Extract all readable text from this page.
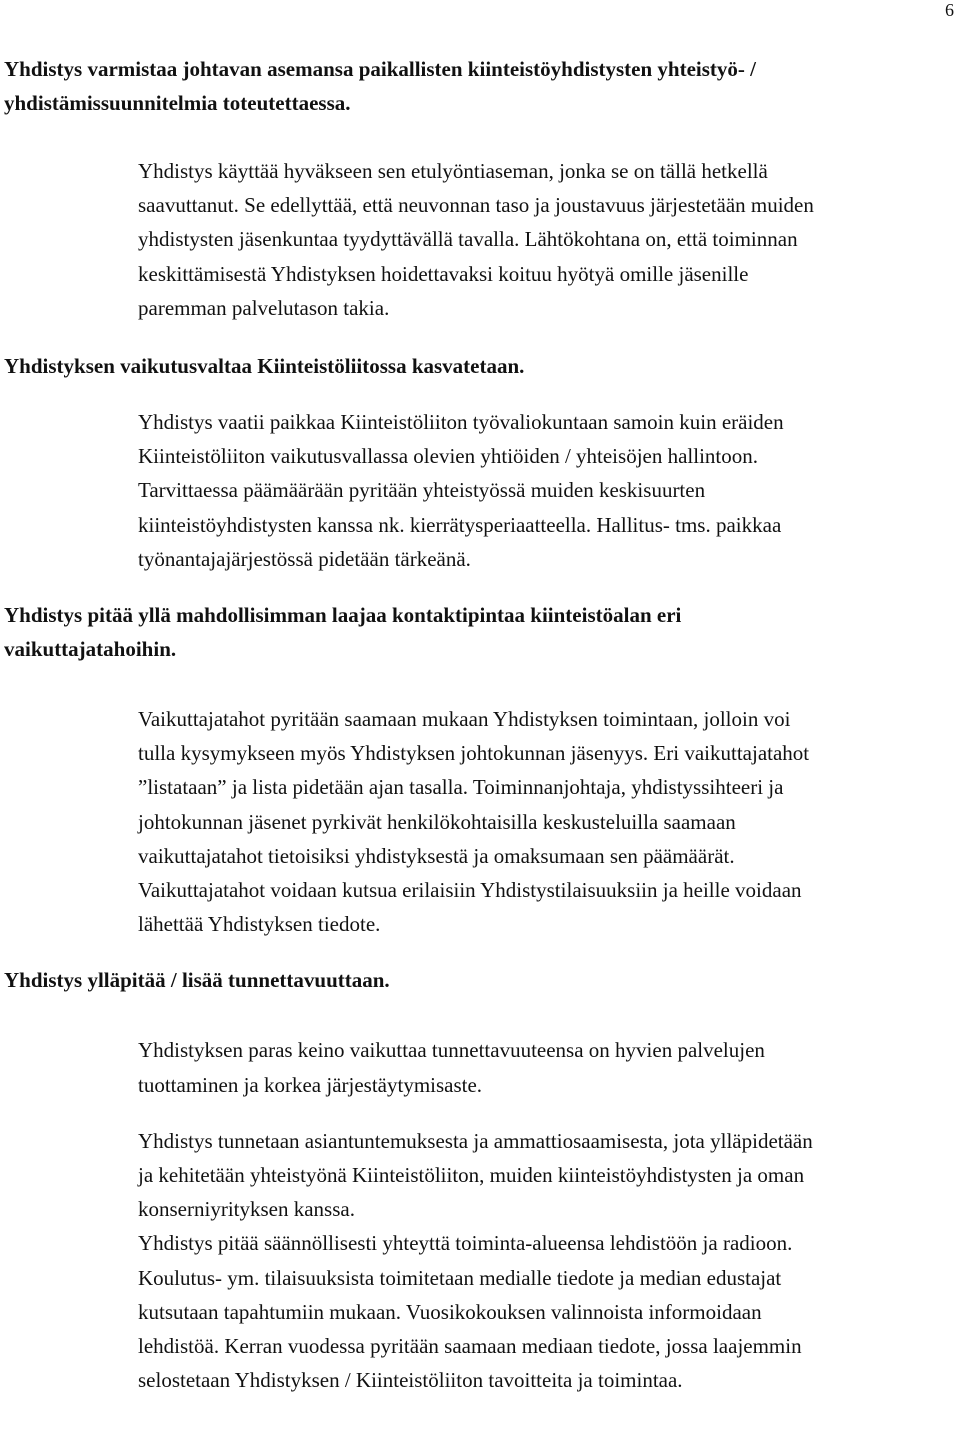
6

Yhdistys varmistaa johtavan asemansa paikallisten kiinteistöyhdistysten yhteistyö- /
yhdistämissuunnitelmia toteutettaessa.

Yhdistys käyttää hyväkseen sen etulyöntiaseman, jonka se on tällä hetkellä
saavuttanut. Se edellyttää, että neuvonnan taso ja joustavuus järjestetään muiden
yhdistysten jäsenkuntaa tyydyttävällä tavalla. Lähtökohtana on, että toiminnan
keskittämisestä Yhdistyksen hoidettavaksi koituu hyötyä omille jäsenille
paremman palvelutason takia.

Yhdistyksen vaikutusvaltaa Kiinteistöliitossa kasvatetaan.

Yhdistys vaatii paikkaa Kiinteistöliiton työvaliokuntaan samoin kuin eräiden
Kiinteistöliiton vaikutusvallassa olevien yhtiöiden / yhteisöjen hallintoon.
Tarvittaessa päämäärään pyritään yhteistyössä muiden keskisuurten
kiinteistöyhdistysten kanssa nk. kierrätysperiaatteella. Hallitus- tms. paikkaa
työnantajajärjestössä pidetään tärkeänä.

Yhdistys pitää yllä mahdollisimman laajaa kontaktipintaa kiinteistöalan eri
vaikuttajatahoihin.

Vaikuttajatahot pyritään saamaan mukaan Yhdistyksen toimintaan, jolloin voi
tulla kysymykseen myös Yhdistyksen johtokunnan jäsenyys. Eri vaikuttajatahot
”listataan” ja lista pidetään ajan tasalla. Toiminnanjohtaja, yhdistyssihteeri ja
johtokunnan jäsenet pyrkivät henkilökohtaisilla keskusteluilla saamaan
vaikuttajatahot tietoisiksi yhdistyksestä ja omaksumaan sen päämäärät.
Vaikuttajatahot voidaan kutsua erilaisiin Yhdistystilaisuuksiin ja heille voidaan
lähettää Yhdistyksen tiedote.

Yhdistys ylläpitää / lisää tunnettavuuttaan.

Yhdistyksen paras keino vaikuttaa tunnettavuuteensa on hyvien palvelujen
tuottaminen ja korkea järjestäytymisaste.

Yhdistys tunnetaan asiantuntemuksesta ja ammattiosaamisesta, jota ylläpidetään
ja kehitetään yhteistyönä Kiinteistöliiton, muiden kiinteistöyhdistysten ja oman
konserniyrityksen kanssa.
Yhdistys pitää säännöllisesti yhteyttä toiminta-alueensa lehdistöön ja radioon.
Koulutus- ym. tilaisuuksista toimitetaan medialle tiedote ja median edustajat
kutsutaan tapahtumiin mukaan. Vuosikokouksen valinnoista informoidaan
lehdistöä. Kerran vuodessa pyritään saamaan mediaan tiedote, jossa laajemmin
selostetaan Yhdistyksen / Kiinteistöliiton tavoitteita ja toimintaa.
